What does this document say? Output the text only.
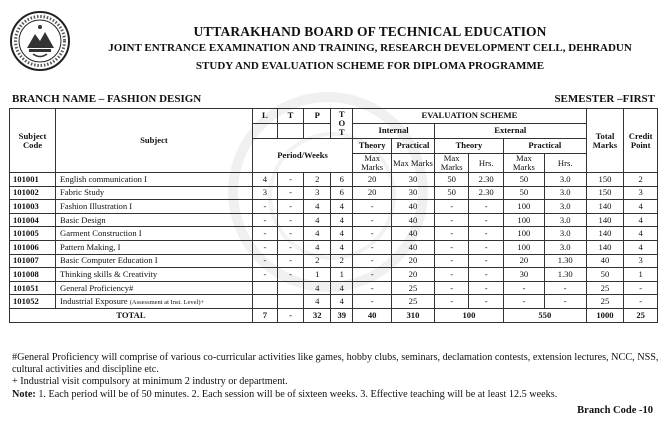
UTTARAKHAND BOARD OF TECHNICAL EDUCATION
JOINT ENTRANCE EXAMINATION AND TRAINING, RESEARCH DEVELOPMENT CELL, DEHRADUN
STUDY AND EVALUATION SCHEME FOR DIPLOMA PROGRAMME
BRANCH NAME – FASHION DESIGN	SEMESTER –FIRST
Subject Code	Subject	L	T	P	T O T	EVALUATION SCHEME						Total Marks	Credit Point
						Internal		External					
		Period/Weeks				Theory	Practical	Theory		Practical			
						Max Marks	Max Marks	Max Marks	Hrs.	Max Marks	Hrs.		
101001	English communication I	4	-	2	6	20	30	50	2.30	50	3.0	150	2
101002	Fabric Study	3	-	3	6	20	30	50	2.30	50	3.0	150	3
101003	Fashion Illustration I	-	-	4	4	-	40	-	-	100	3.0	140	4
101004	Basic Design	-	-	4	4	-	40	-	-	100	3.0	140	4
101005	Garment Construction I	-	-	4	4	-	40	-	-	100	3.0	140	4
101006	Pattern Making, I	-	-	4	4	-	40	-	-	100	3.0	140	4
101007	Basic Computer Education I	-	-	2	2	-	20	-	-	20	1.30	40	3
101008	Thinking skills & Creativity	-	-	1	1	-	20	-	-	30	1.30	50	1
101051	General Proficiency#			4	4	-	25	-	-	-	-	25	-
101052	Industrial Exposure (Assessment at Inst. Level)+			4	4	-	25	-	-	-	-	25	-
TOTAL		7	-	32	39	40	310	100		550		1000	25
#General Proficiency will comprise of various co-curricular activities like games, hobby clubs, seminars, declamation contests, extension lectures, NCC, NSS, cultural activities and discipline etc.
+ Industrial visit compulsory at minimum 2 industry or department.
Note: 1. Each period will be of 50 minutes. 2. Each session will be of sixteen weeks. 3. Effective teaching will be at least 12.5 weeks.
Branch Code -10
